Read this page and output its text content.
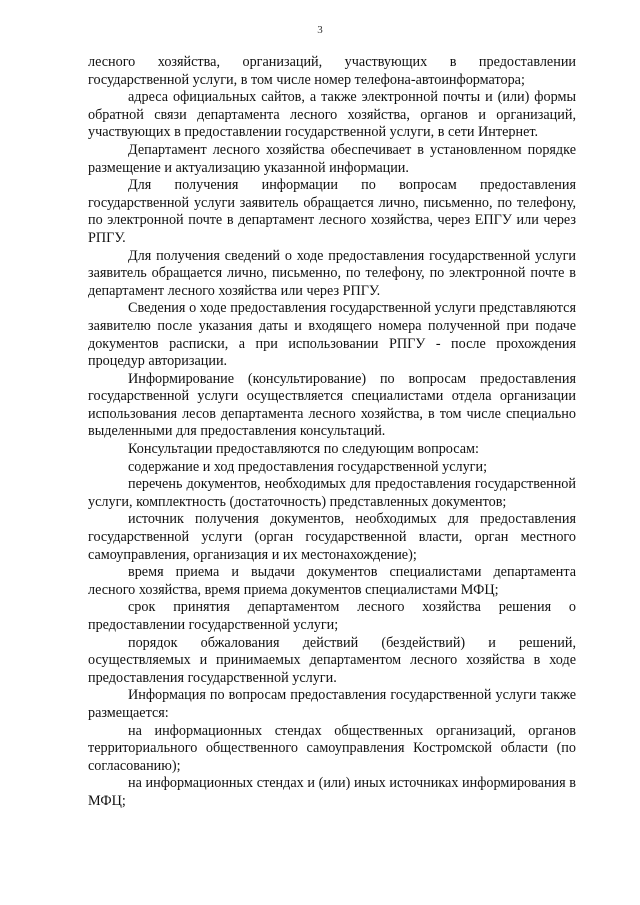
3

лесного хозяйства, организаций, участвующих в предоставлении государственной услуги, в том числе номер телефона-автоинформатора;

адреса официальных сайтов, а также электронной почты и (или) формы обратной связи департамента лесного хозяйства, органов и организаций, участвующих в предоставлении государственной услуги, в сети Интернет.

Департамент лесного хозяйства обеспечивает в установленном порядке размещение и актуализацию указанной информации.

Для получения информации по вопросам предоставления государственной услуги заявитель обращается лично, письменно, по телефону, по электронной почте в департамент лесного хозяйства, через ЕПГУ или через РПГУ.

Для получения сведений о ходе предоставления государственной услуги заявитель обращается лично, письменно, по телефону, по электронной почте в департамент лесного хозяйства или через РПГУ.

Сведения о ходе предоставления государственной услуги представляются заявителю после указания даты и входящего номера полученной при подаче документов расписки, а при использовании РПГУ - после прохождения процедур авторизации.

Информирование (консультирование) по вопросам предоставления государственной услуги осуществляется специалистами отдела организации использования лесов департамента лесного хозяйства, в том числе специально выделенными для предоставления консультаций.

Консультации предоставляются по следующим вопросам:

содержание и ход предоставления государственной услуги;

перечень документов, необходимых для предоставления государственной услуги, комплектность (достаточность) представленных документов;

источник получения документов, необходимых для предоставления государственной услуги (орган государственной власти, орган местного самоуправления, организация и их местонахождение);

время приема и выдачи документов специалистами департамента лесного хозяйства, время приема документов специалистами МФЦ;

срок принятия департаментом лесного хозяйства решения о предоставлении государственной услуги;

порядок обжалования действий (бездействий) и решений, осуществляемых и принимаемых департаментом лесного хозяйства в ходе предоставления государственной услуги.

Информация по вопросам предоставления государственной услуги также размещается:

на информационных стендах общественных организаций, органов территориального общественного самоуправления Костромской области (по согласованию);

на информационных стендах и (или) иных источниках информирования в МФЦ;
